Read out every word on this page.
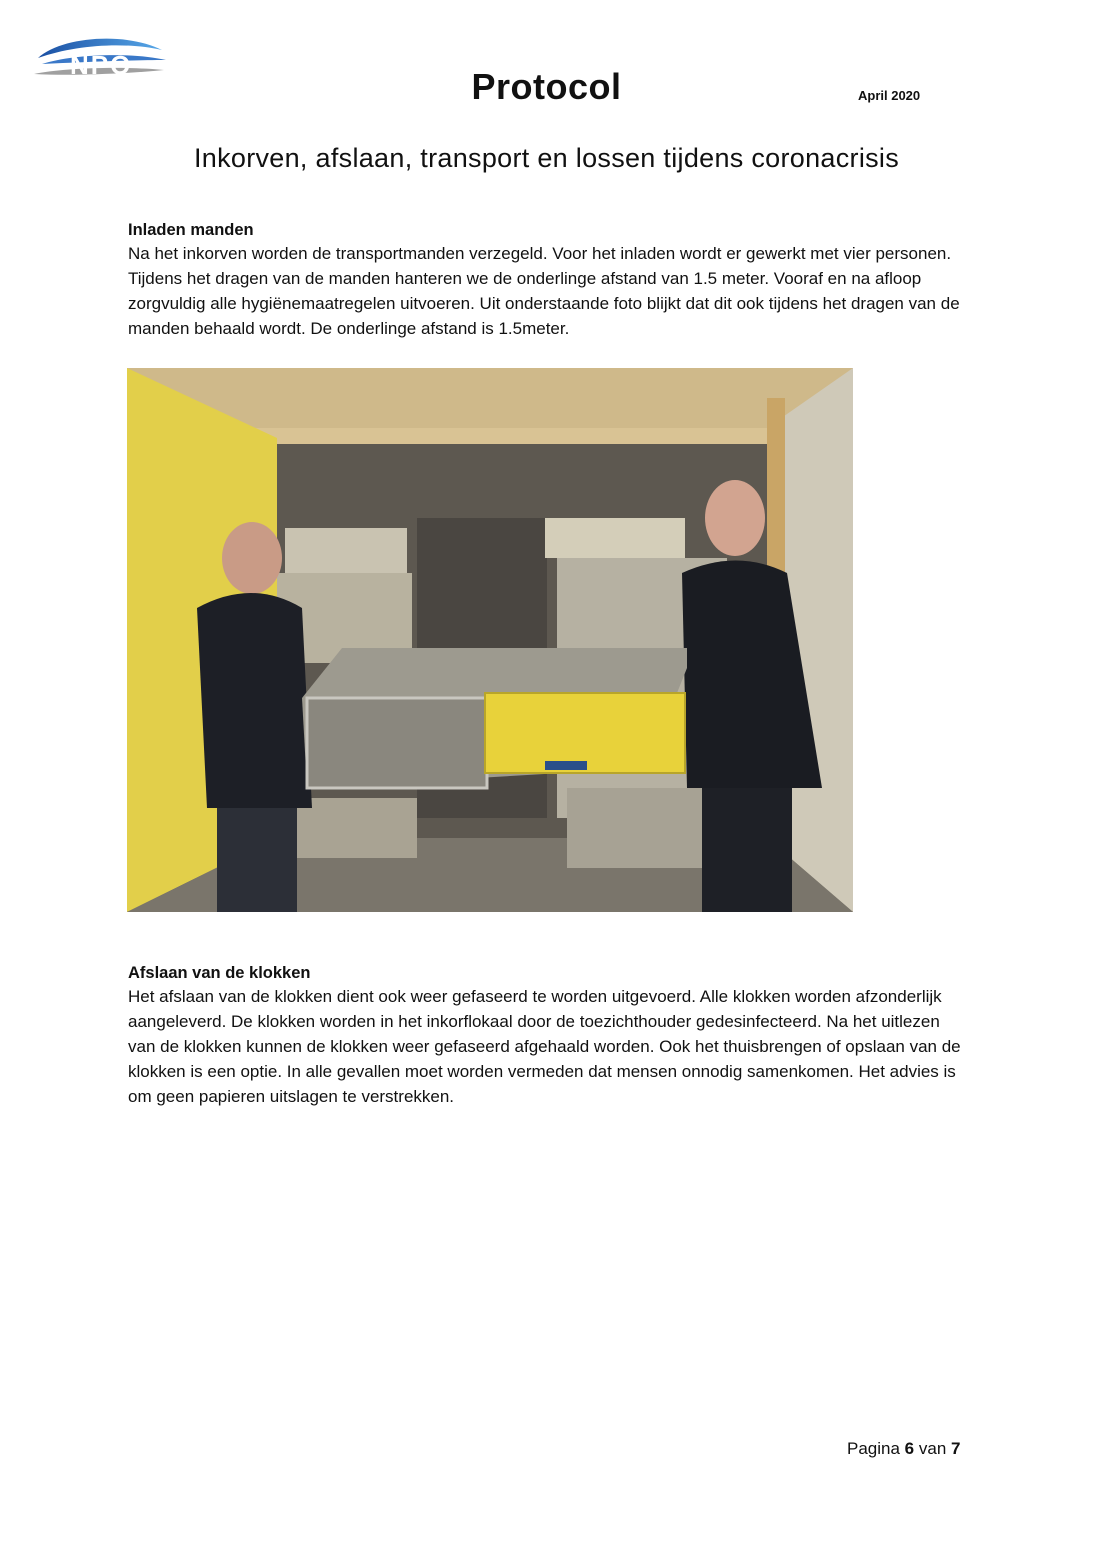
NPO
Protocol	April 2020
Inkorven, afslaan, transport en lossen tijdens coronacrisis
Inladen manden

Na het inkorven worden de transportmanden verzegeld. Voor het inladen wordt er gewerkt met vier personen. Tijdens het dragen van de manden hanteren we de onderlinge afstand van 1.5 meter. Vooraf en na afloop zorgvuldig alle hygiënemaatregelen uitvoeren. Uit onderstaande foto blijkt dat dit ook tijdens het dragen van de manden behaald wordt. De onderlinge afstand is 1.5meter.

Afslaan van de klokken

Het afslaan van de klokken dient ook weer gefaseerd te worden uitgevoerd. Alle klokken worden afzonderlijk aangeleverd. De klokken worden in het inkorflokaal door de toezichthouder gedesinfecteerd. Na het uitlezen van de klokken kunnen de klokken weer gefaseerd afgehaald worden. Ook het thuisbrengen of opslaan van de klokken is een optie. In alle gevallen moet worden vermeden dat mensen onnodig samenkomen. Het advies is om geen papieren uitslagen te verstrekken.

Pagina 6 van 7
